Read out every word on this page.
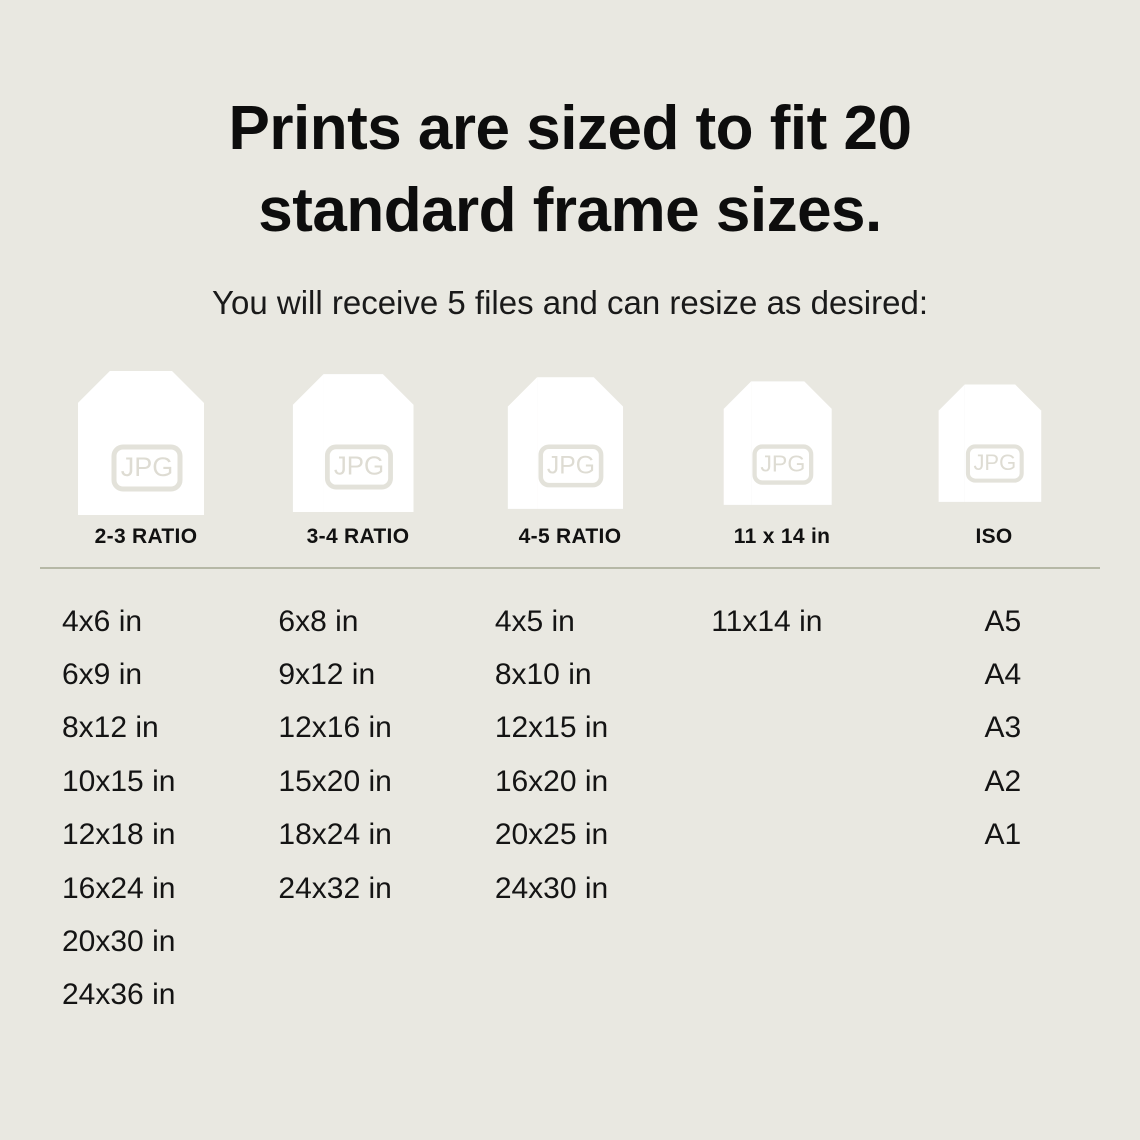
Prints are sized to fit 20 standard frame sizes.

You will receive 5 files and can resize as desired:

JPG
2-3 RATIO
JPG
3-4 RATIO
JPG
4-5 RATIO
JPG
11 x 14 in
JPG
ISO
4x6 in
6x9 in
8x12 in
10x15 in
12x18 in
16x24 in
20x30 in
24x36 in
6x8 in
9x12 in
12x16 in
15x20 in
18x24 in
24x32 in
4x5 in
8x10 in
12x15 in
16x20 in
20x25 in
24x30 in
11x14 in	A5
A4
A3
A2
A1
